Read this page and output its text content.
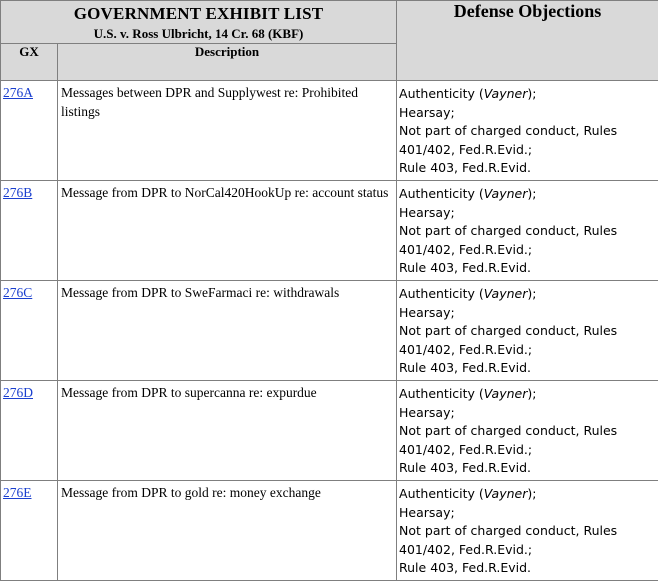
GOVERNMENT EXHIBIT LIST
U.S. v. Ross Ulbricht, 14 Cr. 68 (KBF)		Defense Objections
GX	Description	
276A	Messages between DPR and Supplywest re: Prohibited listings	Authenticity (Vayner);
Hearsay;
Not part of charged conduct, Rules
401/402, Fed.R.Evid.;
Rule 403, Fed.R.Evid.

276B	Message from DPR to NorCal420HookUp re: account status	Authenticity (Vayner);
Hearsay;
Not part of charged conduct, Rules
401/402, Fed.R.Evid.;
Rule 403, Fed.R.Evid.

276C	Message from DPR to SweFarmaci re: withdrawals	Authenticity (Vayner);
Hearsay;
Not part of charged conduct, Rules
401/402, Fed.R.Evid.;
Rule 403, Fed.R.Evid.

276D	Message from DPR to supercanna re: expurdue	Authenticity (Vayner);
Hearsay;
Not part of charged conduct, Rules
401/402, Fed.R.Evid.;
Rule 403, Fed.R.Evid.

276E	Message from DPR to gold re: money exchange	Authenticity (Vayner);
Hearsay;
Not part of charged conduct, Rules
401/402, Fed.R.Evid.;
Rule 403, Fed.R.Evid.
